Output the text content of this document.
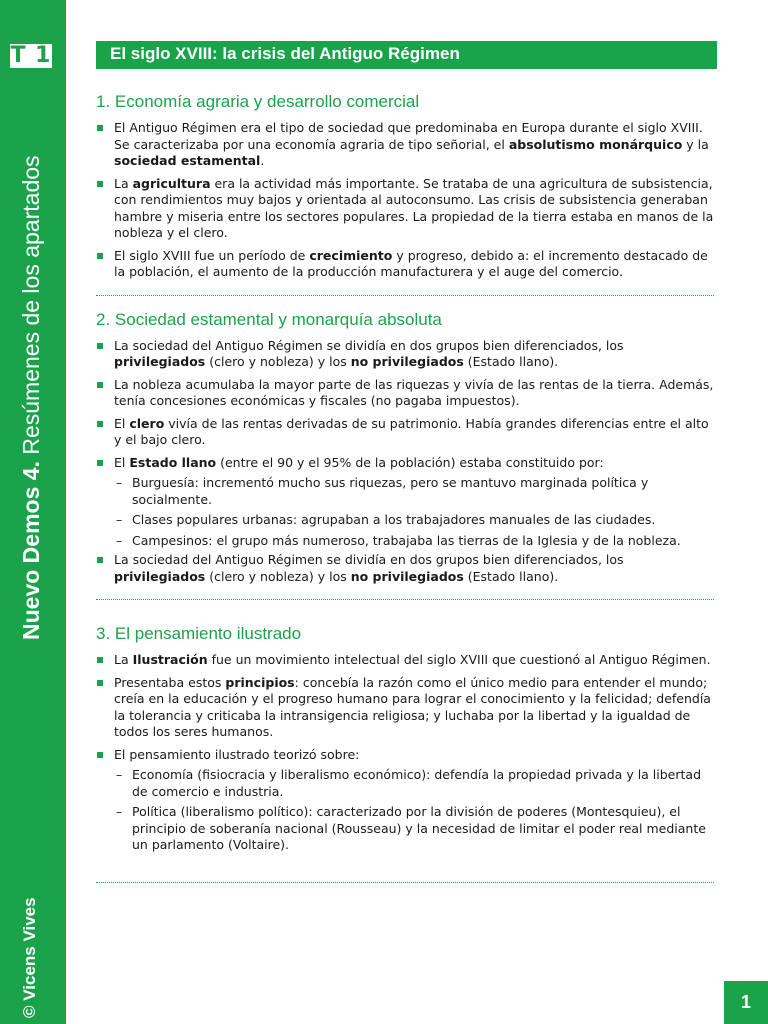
T 1
Nuevo Demos 4. Resúmenes de los apartados
© Vicens Vives
El siglo XVIII: la crisis del Antiguo Régimen
1. Economía agraria y desarrollo comercial
El Antiguo Régimen era el tipo de sociedad que predominaba en Europa durante el siglo XVIII. Se caracterizaba por una economía agraria de tipo señorial, el absolutismo monárquico y la sociedad estamental.
La agricultura era la actividad más importante. Se trataba de una agricultura de subsistencia, con rendimientos muy bajos y orientada al autoconsumo. Las crisis de subsistencia generaban hambre y miseria entre los sectores populares. La propiedad de la tierra estaba en manos de la nobleza y el clero.
El siglo XVIII fue un período de crecimiento y progreso, debido a: el incremento destacado de la población, el aumento de la producción manufacturera y el auge del comercio.
2. Sociedad estamental y monarquía absoluta
La sociedad del Antiguo Régimen se dividía en dos grupos bien diferenciados, los privilegiados (clero y nobleza) y los no privilegiados (Estado llano).
La nobleza acumulaba la mayor parte de las riquezas y vivía de las rentas de la tierra. Además, tenía concesiones económicas y fiscales (no pagaba impuestos).
El clero vivía de las rentas derivadas de su patrimonio. Había grandes diferencias entre el alto y el bajo clero.
El Estado llano (entre el 90 y el 95% de la población) estaba constituido por:
– Burguesía: incrementó mucho sus riquezas, pero se mantuvo marginada política y socialmente.
– Clases populares urbanas: agrupaban a los trabajadores manuales de las ciudades.
– Campesinos: el grupo más numeroso, trabajaba las tierras de la Iglesia y de la nobleza.
La sociedad del Antiguo Régimen se dividía en dos grupos bien diferenciados, los privilegiados (clero y nobleza) y los no privilegiados (Estado llano).
3. El pensamiento ilustrado
La Ilustración fue un movimiento intelectual del siglo XVIII que cuestionó al Antiguo Régimen.
Presentaba estos principios: concebía la razón como el único medio para entender el mundo; creía en la educación y el progreso humano para lograr el conocimiento y la felicidad; defendía la tolerancia y criticaba la intransigencia religiosa; y luchaba por la libertad y la igualdad de todos los seres humanos.
El pensamiento ilustrado teorizó sobre:
– Economía (fisiocracia y liberalismo económico): defendía la propiedad privada y la libertad de comercio e industria.
– Política (liberalismo político): caracterizado por la división de poderes (Montesquieu), el principio de soberanía nacional (Rousseau) y la necesidad de limitar el poder real mediante un parlamento (Voltaire).
1
